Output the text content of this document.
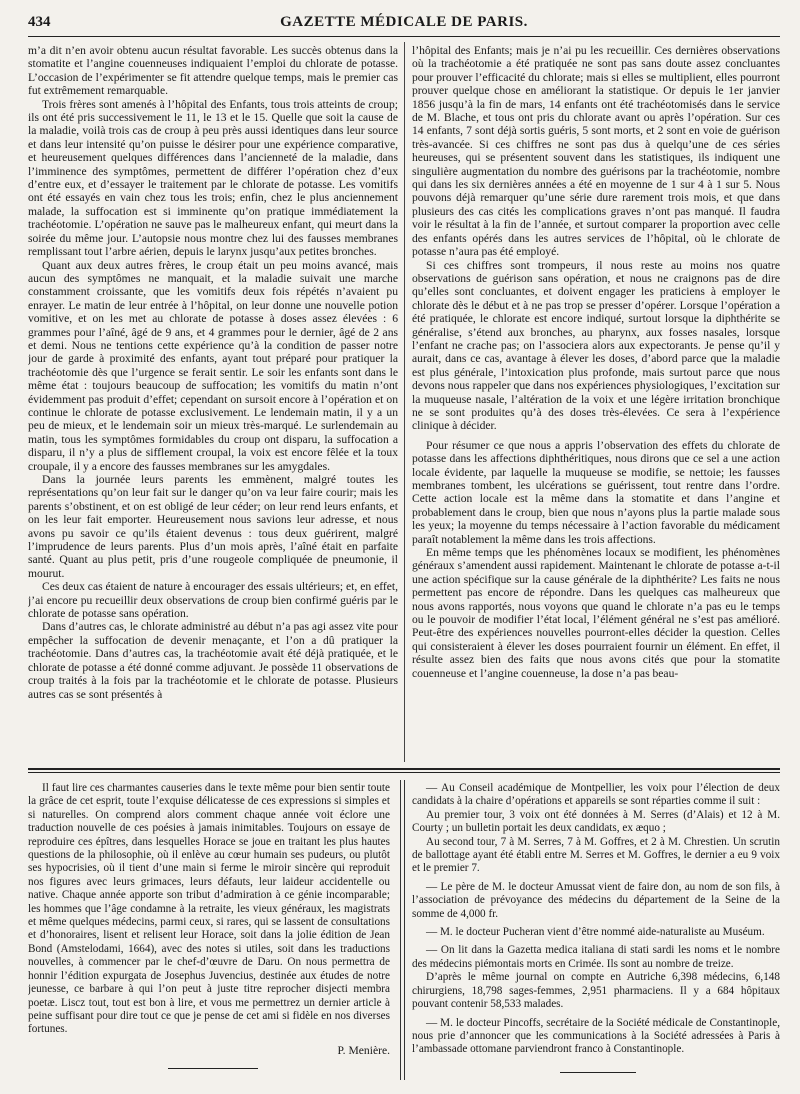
434	GAZETTE MÉDICALE DE PARIS.

m’a dit n’en avoir obtenu aucun résultat favorable. Les succès obtenus dans la stomatite et l’angine couenneuses indiquaient l’emploi du chlorate de potasse. L’occasion de l’expérimenter se fit attendre quelque temps, mais le premier cas fut extrêmement remarquable.

Trois frères sont amenés à l’hôpital des Enfants, tous trois atteints de croup; ils ont été pris successivement le 11, le 13 et le 15. Quelle que soit la cause de la maladie, voilà trois cas de croup à peu près aussi identiques dans leur source et dans leur intensité qu’on puisse le désirer pour une expérience comparative, et heureusement quelques différences dans l’ancienneté de la maladie, dans l’imminence des symptômes, permettent de différer l’opération chez d’eux d’entre eux, et d’essayer le traitement par le chlorate de potasse. Les vomitifs ont été essayés en vain chez tous les trois; enfin, chez le plus anciennement malade, la suffocation est si imminente qu’on pratique immédiatement la trachéotomie. L’opération ne sauve pas le malheureux enfant, qui meurt dans la soirée du même jour. L’autopsie nous montre chez lui des fausses membranes remplissant tout l’arbre aérien, depuis le larynx jusqu’aux petites bronches.

Quant aux deux autres frères, le croup était un peu moins avancé, mais aucun des symptômes ne manquait, et la maladie suivait une marche constamment croissante, que les vomitifs deux fois répétés n’avaient pu enrayer. Le matin de leur entrée à l’hôpital, on leur donne une nouvelle potion vomitive, et on les met au chlorate de potasse à doses assez élevées : 6 grammes pour l’aîné, âgé de 9 ans, et 4 grammes pour le dernier, âgé de 2 ans et demi. Nous ne tentions cette expérience qu’à la condition de passer notre jour de garde à proximité des enfants, ayant tout préparé pour pratiquer la trachéotomie dès que l’urgence se ferait sentir. Le soir les enfants sont dans le même état : toujours beaucoup de suffocation; les vomitifs du matin n’ont évidemment pas produit d’effet; cependant on sursoit encore à l’opération et on continue le chlorate de potasse exclusivement. Le lendemain matin, il y a un peu de mieux, et le lendemain soir un mieux très-marqué. Le surlendemain au matin, tous les symptômes formidables du croup ont disparu, la suffocation a disparu, il n’y a plus de sifflement croupal, la voix est encore fêlée et la toux croupale, il y a encore des fausses membranes sur les amygdales.

Dans la journée leurs parents les emmènent, malgré toutes les représentations qu’on leur fait sur le danger qu’on va leur faire courir; mais les parents s’obstinent, et on est obligé de leur céder; on leur rend leurs enfants, et on les leur fait emporter. Heureusement nous savions leur adresse, et nous avons pu savoir ce qu’ils étaient devenus : tous deux guérirent, malgré l’imprudence de leurs parents. Plus d’un mois après, l’aîné était en parfaite santé. Quant au plus petit, pris d’une rougeole compliquée de pneumonie, il mourut.

Ces deux cas étaient de nature à encourager des essais ultérieurs; et, en effet, j’ai encore pu recueillir deux observations de croup bien confirmé guéris par le chlorate de potasse sans opération.

Dans d’autres cas, le chlorate administré au début n’a pas agi assez vite pour empêcher la suffocation de devenir menaçante, et l’on a dû pratiquer la trachéotomie. Dans d’autres cas, la trachéotomie avait été déjà pratiquée, et le chlorate de potasse a été donné comme adjuvant. Je possède 11 observations de croup traités à la fois par la trachéotomie et le chlorate de potasse. Plusieurs autres cas se sont présentés à

l’hôpital des Enfants; mais je n’ai pu les recueillir. Ces dernières observations où la trachéotomie a été pratiquée ne sont pas sans doute assez concluantes pour prouver l’efficacité du chlorate; mais si elles se multiplient, elles pourront prouver quelque chose en améliorant la statistique. Or depuis le 1er janvier 1856 jusqu’à la fin de mars, 14 enfants ont été trachéotomisés dans le service de M. Blache, et tous ont pris du chlorate avant ou après l’opération. Sur ces 14 enfants, 7 sont déjà sortis guéris, 5 sont morts, et 2 sont en voie de guérison très-avancée. Si ces chiffres ne sont pas dus à quelqu’une de ces séries heureuses, qui se présentent souvent dans les statistiques, ils indiquent une singulière augmentation du nombre des guérisons par la trachéotomie, nombre qui dans les six dernières années a été en moyenne de 1 sur 4 à 1 sur 5. Nous pouvons déjà remarquer qu’une série dure rarement trois mois, et que dans plusieurs des cas cités les complications graves n’ont pas manqué. Il faudra voir le résultat à la fin de l’année, et surtout comparer la proportion avec celle des enfants opérés dans les autres services de l’hôpital, où le chlorate de potasse n’aura pas été employé.

Si ces chiffres sont trompeurs, il nous reste au moins nos quatre observations de guérison sans opération, et nous ne craignons pas de dire qu’elles sont concluantes, et doivent engager les praticiens à employer le chlorate dès le début et à ne pas trop se presser d’opérer. Lorsque l’opération a été pratiquée, le chlorate est encore indiqué, surtout lorsque la diphthérite se généralise, s’étend aux bronches, au pharynx, aux fosses nasales, lorsque l’enfant ne crache pas; on l’associera alors aux expectorants. Je pense qu’il y aurait, dans ce cas, avantage à élever les doses, d’abord parce que la maladie est plus générale, l’intoxication plus profonde, mais surtout parce que nous devons nous rappeler que dans nos expériences physiologiques, l’excitation sur la muqueuse nasale, l’altération de la voix et une légère irritation bronchique ne se sont produites qu’à des doses très-élevées. Ce sera à l’expérience clinique à décider.

Pour résumer ce que nous a appris l’observation des effets du chlorate de potasse dans les affections diphthéritiques, nous dirons que ce sel a une action locale évidente, par laquelle la muqueuse se modifie, se nettoie; les fausses membranes tombent, les ulcérations se guérissent, tout rentre dans l’ordre. Cette action locale est la même dans la stomatite et dans l’angine et probablement dans le croup, bien que nous n’ayons plus la partie malade sous les yeux; la moyenne du temps nécessaire à l’action favorable du médicament paraît notablement la même dans les trois affections.

En même temps que les phénomènes locaux se modifient, les phénomènes généraux s’amendent aussi rapidement. Maintenant le chlorate de potasse a-t-il une action spécifique sur la cause générale de la diphthérite? Les faits ne nous permettent pas encore de répondre. Dans les quelques cas malheureux que nous avons rapportés, nous voyons que quand le chlorate n’a pas eu le temps ou le pouvoir de modifier l’état local, l’élément général ne s’est pas amélioré. Peut-être des expériences nouvelles pourront-elles décider la question. Celles qui consisteraient à élever les doses pourraient fournir un élément. En effet, il résulte assez bien des faits que nous avons cités que pour la stomatite couenneuse et l’angine couenneuse, la dose n’a pas beau-

Il faut lire ces charmantes causeries dans le texte même pour bien sentir toute la grâce de cet esprit, toute l’exquise délicatesse de ces expressions si simples et si naturelles. On comprend alors comment chaque année voit éclore une traduction nouvelle de ces poésies à jamais inimitables. Toujours on essaye de reproduire ces épîtres, dans lesquelles Horace se joue en traitant les plus hautes questions de la philosophie, où il enlève au cœur humain ses pudeurs, ou plutôt ses hypocrisies, où il tient d’une main si ferme le miroir sincère qui reproduit nos figures avec leurs grimaces, leurs défauts, leur laideur accidentelle ou native. Chaque année apporte son tribut d’admiration à ce génie incomparable; les hommes que l’âge condamne à la retraite, les vieux généraux, les magistrats et même quelques médecins, parmi ceux, si rares, qui se lassent de consultations et d’honoraires, lisent et relisent leur Horace, soit dans la jolie édition de Jean Bond (Amstelodami, 1664), avec des notes si utiles, soit dans les traductions nouvelles, à commencer par le chef-d’œuvre de Daru. On nous permettra de honnir l’édition expurgata de Josephus Juvencius, destinée aux études de notre jeunesse, ce barbare à qui l’on peut à juste titre reprocher disjecti membra poetæ. Liscz tout, tout est bon à lire, et vous me permettrez un dernier article à peine suffisant pour dire tout ce que je pense de cet ami si fidèle en nos diverses fortunes.

P. Menière.

— Au Conseil académique de Montpellier, les voix pour l’élection de deux candidats à la chaire d’opérations et appareils se sont réparties comme il suit :

Au premier tour, 3 voix ont été données à M. Serres (d’Alais) et 12 à M. Courty ; un bulletin portait les deux candidats, ex æquo ;

Au second tour, 7 à M. Serres, 7 à M. Goffres, et 2 à M. Chrestien. Un scrutin de ballottage ayant été établi entre M. Serres et M. Goffres, le dernier a eu 9 voix et le premier 7.

— Le père de M. le docteur Amussat vient de faire don, au nom de son fils, à l’association de prévoyance des médecins du département de la Seine de la somme de 4,000 fr.

— M. le docteur Pucheran vient d’être nommé aide-naturaliste au Muséum.

— On lit dans la Gazetta medica italiana di stati sardi les noms et le nombre des médecins piémontais morts en Crimée. Ils sont au nombre de treize.

D’après le même journal on compte en Autriche 6,398 médecins, 6,148 chirurgiens, 18,798 sages-femmes, 2,951 pharmaciens. Il y a 684 hôpitaux pouvant contenir 58,533 malades.

— M. le docteur Pincoffs, secrétaire de la Société médicale de Constantinople, nous prie d’annoncer que les communications à la Société adressées à Paris à l’ambassade ottomane parviendront franco à Constantinople.
